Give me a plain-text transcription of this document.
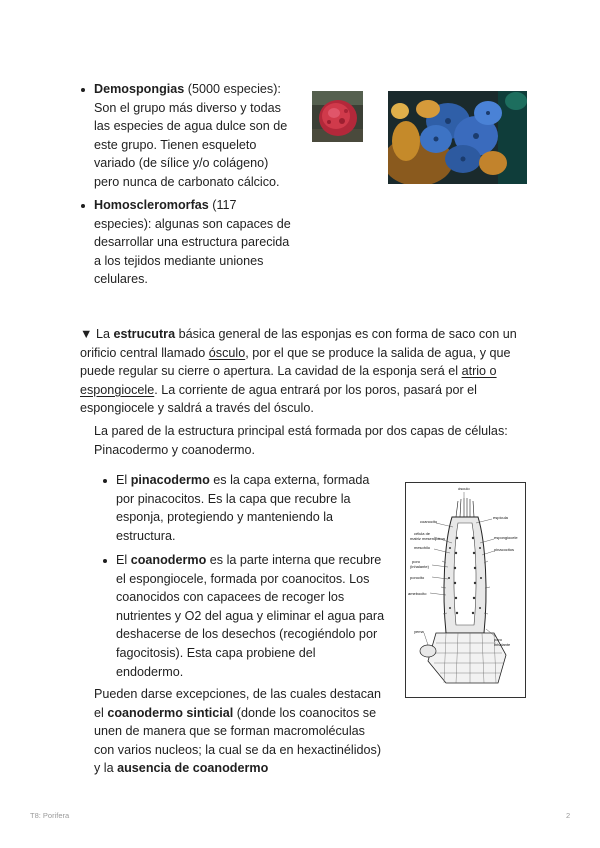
Demospongias (5000 especies): Son el grupo más diverso y todas las especies de agua dulce son de este grupo. Tienen esqueleto variado (de sílice y/o colágeno) pero nunca de carbonato cálcico.

Homoscleromorfas (117 especies): algunas son capaces de desarrollar una estructura parecida a los tejidos mediante uniones celulares.

▼ La estrucutra básica general de las esponjas es con forma de saco con un orificio central llamado ósculo, por el que se produce la salida de agua, y que puede regular su cierre o apertura. La cavidad de la esponja será el atrio o espongiocele. La corriente de agua entrará por los poros, pasará por el espongiocele y saldrá a través del ósculo.

La pared de la estructura principal está formada por dos capas de células: Pinacodermo y coanodermo.

El pinacodermo es la capa externa, formada por pinacocitos. Es la capa que recubre la esponja, protegiendo y manteniendo la estructura.

El coanodermo es la parte interna que recubre el espongiocele, formada por coanocitos. Los coanocidos con capacees de recoger los nutrientes y O2 del agua y eliminar el agua para deshacerse de los desechos (recogiéndolo por fagocitosis). Esta capa probiene del endodermo.

Pueden darse excepciones, de las cuales destacan el coanodermo sinticial (donde los coanocitos se unen de manera que se forman macromoléculas con varios nucleos; la cual se da en hexactinélidos) y la ausencia de coanodermo

ósculo
coanocito
espícula
célula de
matriz mesenquima	espongiocele
mesohilo	pinacocitos
poro
(inhalante)
porocito
amebocito
yema
poro
inhalante
T8: Porifera	2
